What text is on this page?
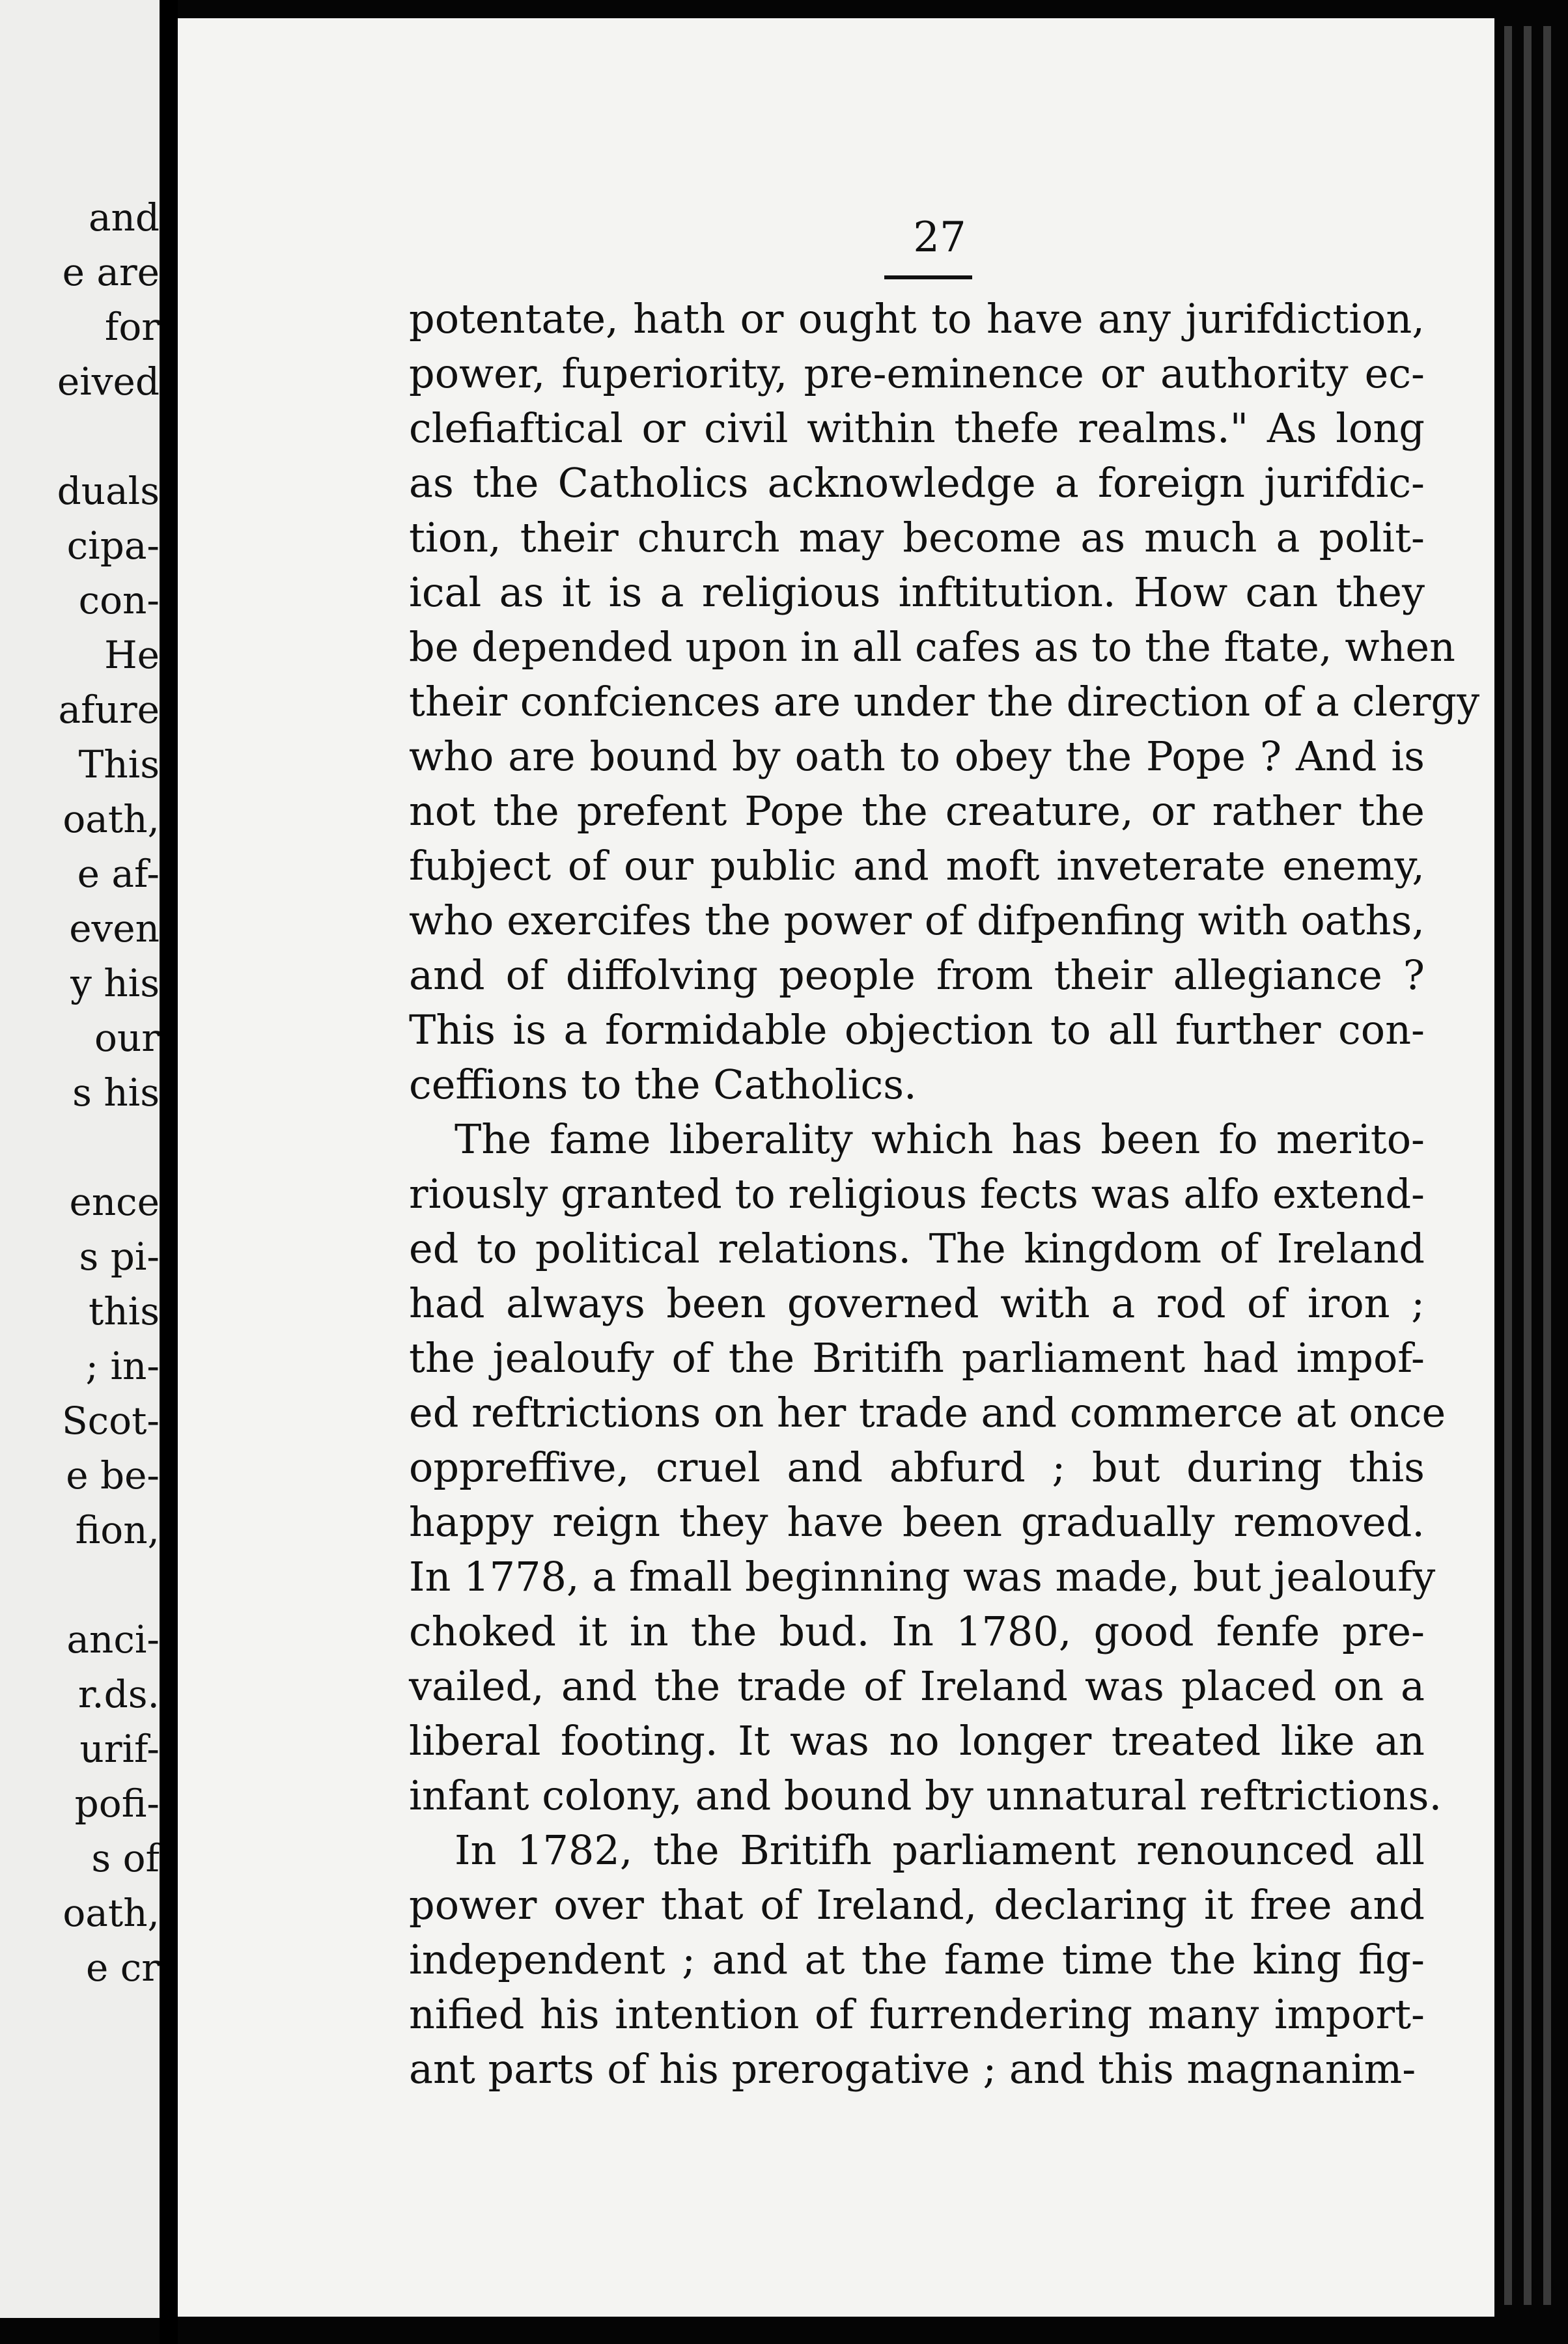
and

e are

for

eived

duals

cipa-

con-

He

afure

This

oath,

e af-

even

y his

our

s his

ence

s pi-

this

; in-

Scot-

e be-

fion,

anci-

r.ds.

urif-

pofi-

s of

oath,

e cr

27

potentate, hath or ought to have any jurifdiction,
power, fuperiority, pre-eminence or authority ec-
clefiaftical or civil within thefe realms." As long
as the Catholics acknowledge a foreign jurifdic-
tion, their church may become as much a polit-
ical as it is a religious inftitution. How can they
be depended upon in all cafes as to the ftate, when
their confciences are under the direction of a clergy
who are bound by oath to obey the Pope ? And is
not the prefent Pope the creature, or rather the
fubject of our public and moft inveterate enemy,
who exercifes the power of difpenfing with oaths,
and of diffolving people from their allegiance ?
This is a formidable objection to all further con-
ceffions to the Catholics.
The fame liberality which has been fo merito-
riously granted to religious fects was alfo extend-
ed to political relations. The kingdom of Ireland
had always been governed with a rod of iron ;
the jealoufy of the Britifh parliament had impof-
ed reftrictions on her trade and commerce at once
oppreffive, cruel and abfurd ; but during this
happy reign they have been gradually removed.
In 1778, a fmall beginning was made, but jealoufy
choked it in the bud. In 1780, good fenfe pre-
vailed, and the trade of Ireland was placed on a
liberal footing. It was no longer treated like an
infant colony, and bound by unnatural reftrictions.
In 1782, the Britifh parliament renounced all
power over that of Ireland, declaring it free and
independent ; and at the fame time the king fig-
nified his intention of furrendering many import-
ant parts of his prerogative ; and this magnanim-
